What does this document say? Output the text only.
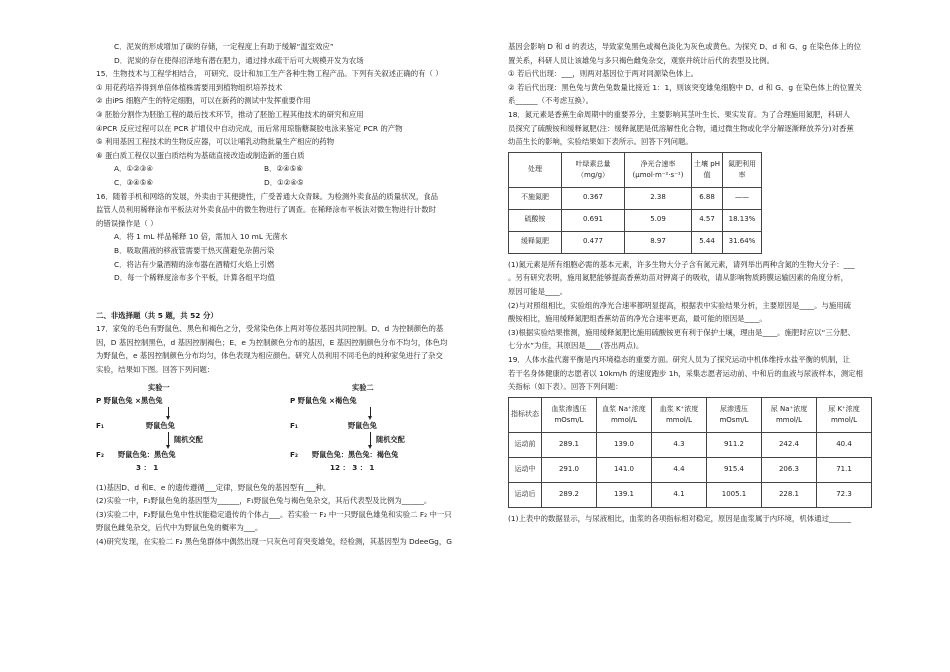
C．泥炭的形成增加了碳的存储，一定程度上有助于缓解“温室效应”

D．泥炭的存在使得沼泽地有潜在肥力，通过排水疏干后可大规模开发为农场

15．生物技术与工程学相结合， 可研究、设计和加工生产各种生物工程产品。下列有关叙述正确的有（ ）

① 用花药培养得到单倍体植株需要用到植物组织培养技术

② 由iPS 细胞产生的特定细胞，可以在新药的测试中发挥重要作用

③ 胚胎分割作为胚胎工程的最后技术环节，推动了胚胎工程其他技术的研究和应用

④PCR 反应过程可以在 PCR 扩增仪中自动完成，而后常用琼脂糖凝胶电泳来鉴定 PCR 的产物

⑤ 利用基因工程技术的生物反应器，可以让哺乳动物批量生产相应的药物

⑥ 蛋白质工程仅以蛋白质结构为基础直接改造或制造新的蛋白质

A．①②③④	B．②④⑤⑥
C．③④⑤⑥	D．①②④⑤

16．随着手机和网络的发展，外卖由于其便捷性，广受普通大众青睐。为检测外卖食品的质量状况，食品

监管人员利用稀释涂布平板法对外卖食品中的微生物进行了调查。在稀释涂布平板法对微生物进行计数时

的错误操作是（ ）

A．将 1 mL 样品稀释 10 倍，需加入 10 mL 无菌水

B．吸取菌液的移液管需要干热灭菌避免杂菌污染

C．将沾有少量酒精的涂布器在酒精灯火焰上引燃

D．每一个稀释度涂布多个平板，计算各组平均值

二、非选择题（共 5 题，共 52 分）

17．家兔的毛色有野鼠色、黑色和褐色之分，受常染色体上两对等位基因共同控制。D、d 为控制颜色的基

因，D 基因控制黑色，d 基因控制褐色；E、e 为控制颜色分布的基因，E 基因控制颜色分布不均匀，体色均

为野鼠色，e 基因控制颜色分布均匀，体色表现为相应颜色。研究人员利用不同毛色的纯种家兔进行了杂交

实验，结果如下图。回答下列问题：

实验一
P 野鼠色兔 ×黑色兔
F₁	野鼠色兔
随机交配
F₂ 野鼠色兔：黑色兔
3 ： 1
实验二
P 野鼠色兔 ×褐色兔
F₁	野鼠色兔
随机交配
F₂ 野鼠色兔：黑色兔：褐色兔
12 ： 3 ： 1

(1)基因D、d 和E、e 的遗传遵循___定律，野鼠色兔的基因型有___种。

(2)实验一中，F₁野鼠色兔的基因型为______，F₁野鼠色兔与褐色兔杂交，其后代表型及比例为______。

(3)实验二中，F₂野鼠色兔中性状能稳定遗传的个体占___。若实验一 F₂ 中一只野鼠色雄兔和实验二 F₂ 中一只

野鼠色雌兔杂交，后代中为野鼠色兔的概率为___。

(4)研究发现，在实验二 F₂ 黑色兔群体中偶然出现一只灰色可育突变雄兔，经检测，其基因型为 DdeeGg，G

基因会影响 D 和 d 的表达，导致家兔黑色或褐色淡化为灰色或黄色。为探究 D、d 和 G、g 在染色体上的位

置关系，科研人员让该雄兔与多只褐色雌兔杂交，观察并统计后代的表型及比例。

① 若后代出现：___，则两对基因位于两对同源染色体上。

② 若后代出现：黑色兔与黄色兔数量比接近 1：1，则该突变雄兔细胞中 D、d 和 G、g 在染色体上的位置关

系______（不考虑互换）。

18．氮元素是香蕉生命周期中的重要养分，主要影响其茎叶生长、果实发育。为了合理施用氮肥，科研人

员探究了硫酸铵和缓释氮肥(注：缓释氮肥是低溶解性化合物，通过微生物或化学分解逐渐释放养分)对香蕉

幼苗生长的影响，实验结果如下表所示。回答下列问题。

处理	叶绿素总量（mg/g）	净光合速率(μmol·m⁻²·s⁻¹)	土壤 pH 值	氮肥利用率
不施氮肥	0.367	2.38	6.88	——
硫酸铵	0.691	5.09	4.57	18.13%
缓释氮肥	0.477	8.97	5.44	31.64%

(1)氮元素是所有细胞必需的基本元素，许多生物大分子含有氮元素，请列举出两种含氮的生物大分子：___

。另有研究表明，施用氮肥能够提高香蕉幼苗对钾离子的吸收，请从影响物质跨膜运输因素的角度分析，

原因可能是____。

(2)与对照组相比，实验组的净光合速率都明显提高，根据表中实验结果分析，主要原因是____。与施用硫

酸铵相比，施用缓释氮肥组香蕉幼苗的净光合速率更高，最可能的原因是____。

(3)根据实验结果推测，施用缓释氮肥比施用硫酸铵更有利于保护土壤，理由是____。施肥时应以“三分肥、

七分水”为佳，其原因是____(答出两点)。

19．人体水盐代谢平衡是内环境稳态的重要方面。研究人员为了探究运动中机体维持水盐平衡的机制，让

若干名身体健康的志愿者以 10km/h 的速度跑步 1h，采集志愿者运动前、中和后的血液与尿液样本，测定相

关指标（如下表）。回答下列问题：

指标状态	血浆渗透压mOsm/L	血浆 Na⁺浓度mmol/L	血浆 K⁺浓度mmol/L	尿渗透压mOsm/L	尿 Na⁺浓度mmol/L	尿 K⁺浓度mmol/L
运动前	289.1	139.0	4.3	911.2	242.4	40.4
运动中	291.0	141.0	4.4	915.4	206.3	71.1
运动后	289.2	139.1	4.1	1005.1	228.1	72.3

(1)上表中的数据显示，与尿液相比，血浆的各项指标相对稳定，原因是血浆属于内环境，机体通过______
